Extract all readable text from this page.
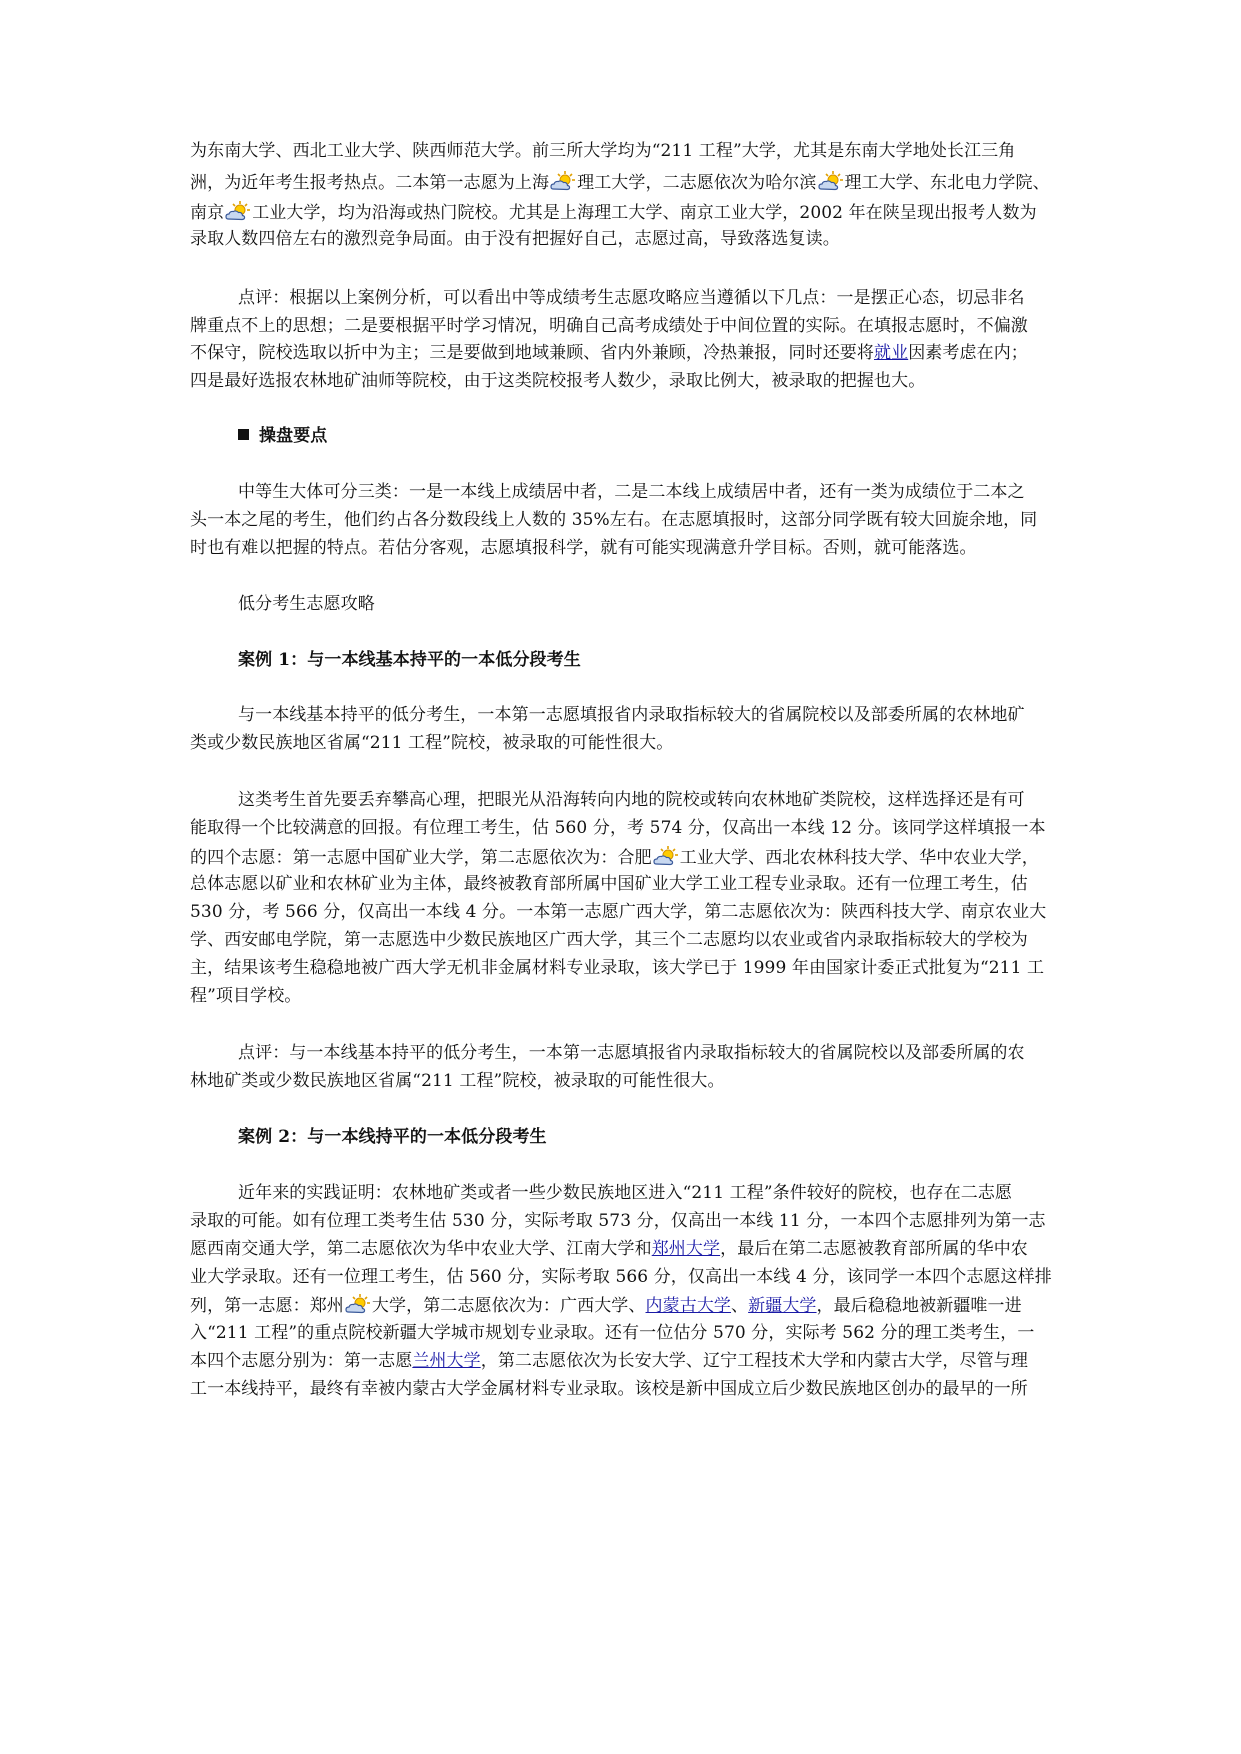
为东南大学、西北工业大学、陕西师范大学。前三所大学均为“211 工程”大学，尤其是东南大学地处长江三角
洲，为近年考生报考热点。二本第一志愿为上海 理工大学，二志愿依次为哈尔滨 理工大学、东北电力学院、
南京 工业大学，均为沿海或热门院校。尤其是上海理工大学、南京工业大学，2002 年在陕呈现出报考人数为
录取人数四倍左右的激烈竞争局面。由于没有把握好自己，志愿过高，导致落选复读。
点评：根据以上案例分析，可以看出中等成绩考生志愿攻略应当遵循以下几点：一是摆正心态，切忌非名
牌重点不上的思想；二是要根据平时学习情况，明确自己高考成绩处于中间位置的实际。在填报志愿时，不偏激
不保守，院校选取以折中为主；三是要做到地域兼顾、省内外兼顾，冷热兼报，同时还要将就业因素考虑在内；
四是最好选报农林地矿油师等院校，由于这类院校报考人数少，录取比例大，被录取的把握也大。
操盘要点
中等生大体可分三类：一是一本线上成绩居中者，二是二本线上成绩居中者，还有一类为成绩位于二本之
头一本之尾的考生，他们约占各分数段线上人数的 35%左右。在志愿填报时，这部分同学既有较大回旋余地，同
时也有难以把握的特点。若估分客观，志愿填报科学，就有可能实现满意升学目标。否则，就可能落选。
低分考生志愿攻略
案例 1：与一本线基本持平的一本低分段考生
与一本线基本持平的低分考生，一本第一志愿填报省内录取指标较大的省属院校以及部委所属的农林地矿
类或少数民族地区省属“211 工程”院校，被录取的可能性很大。
这类考生首先要丢弃攀高心理，把眼光从沿海转向内地的院校或转向农林地矿类院校，这样选择还是有可
能取得一个比较满意的回报。有位理工考生，估 560 分，考 574 分，仅高出一本线 12 分。该同学这样填报一本
的四个志愿：第一志愿中国矿业大学，第二志愿依次为：合肥 工业大学、西北农林科技大学、华中农业大学，
总体志愿以矿业和农林矿业为主体，最终被教育部所属中国矿业大学工业工程专业录取。还有一位理工考生，估
530 分，考 566 分，仅高出一本线 4 分。一本第一志愿广西大学，第二志愿依次为：陕西科技大学、南京农业大
学、西安邮电学院，第一志愿选中少数民族地区广西大学，其三个二志愿均以农业或省内录取指标较大的学校为
主，结果该考生稳稳地被广西大学无机非金属材料专业录取，该大学已于 1999 年由国家计委正式批复为“211 工
程”项目学校。
点评：与一本线基本持平的低分考生，一本第一志愿填报省内录取指标较大的省属院校以及部委所属的农
林地矿类或少数民族地区省属“211 工程”院校，被录取的可能性很大。
案例 2：与一本线持平的一本低分段考生
近年来的实践证明：农林地矿类或者一些少数民族地区进入“211 工程”条件较好的院校，也存在二志愿
录取的可能。如有位理工类考生估 530 分，实际考取 573 分，仅高出一本线 11 分，一本四个志愿排列为第一志
愿西南交通大学，第二志愿依次为华中农业大学、江南大学和郑州大学，最后在第二志愿被教育部所属的华中农
业大学录取。还有一位理工考生，估 560 分，实际考取 566 分，仅高出一本线 4 分，该同学一本四个志愿这样排
列，第一志愿：郑州 大学，第二志愿依次为：广西大学、内蒙古大学、新疆大学，最后稳稳地被新疆唯一进
入“211 工程”的重点院校新疆大学城市规划专业录取。还有一位估分 570 分，实际考 562 分的理工类考生，一
本四个志愿分别为：第一志愿兰州大学，第二志愿依次为长安大学、辽宁工程技术大学和内蒙古大学，尽管与理
工一本线持平，最终有幸被内蒙古大学金属材料专业录取。该校是新中国成立后少数民族地区创办的最早的一所
